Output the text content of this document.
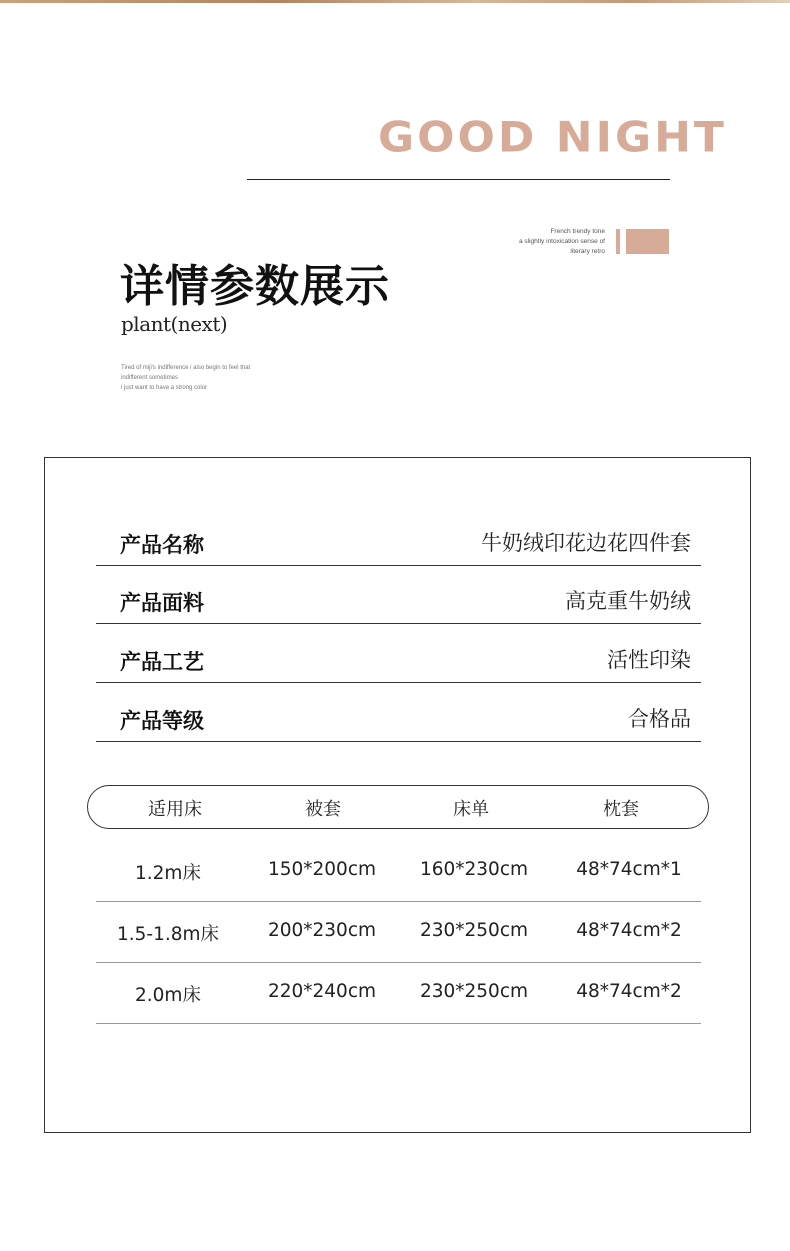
GOOD NIGHT
French trendy tone
a slightly intoxication sense of
literary retro
详情参数展示
plant(next)
Tired of miji's indifference i also begin to feel that
indifferent sometimes
i just want to have a strong color
产品名称	牛奶绒印花边花四件套
产品面料	高克重牛奶绒
产品工艺	活性印染
产品等级	合格品
适用床	被套	床单	枕套
1.2m床	150*200cm	160*230cm	48*74cm*1
1.5-1.8m床	200*230cm	230*250cm	48*74cm*2
2.0m床	220*240cm	230*250cm	48*74cm*2
